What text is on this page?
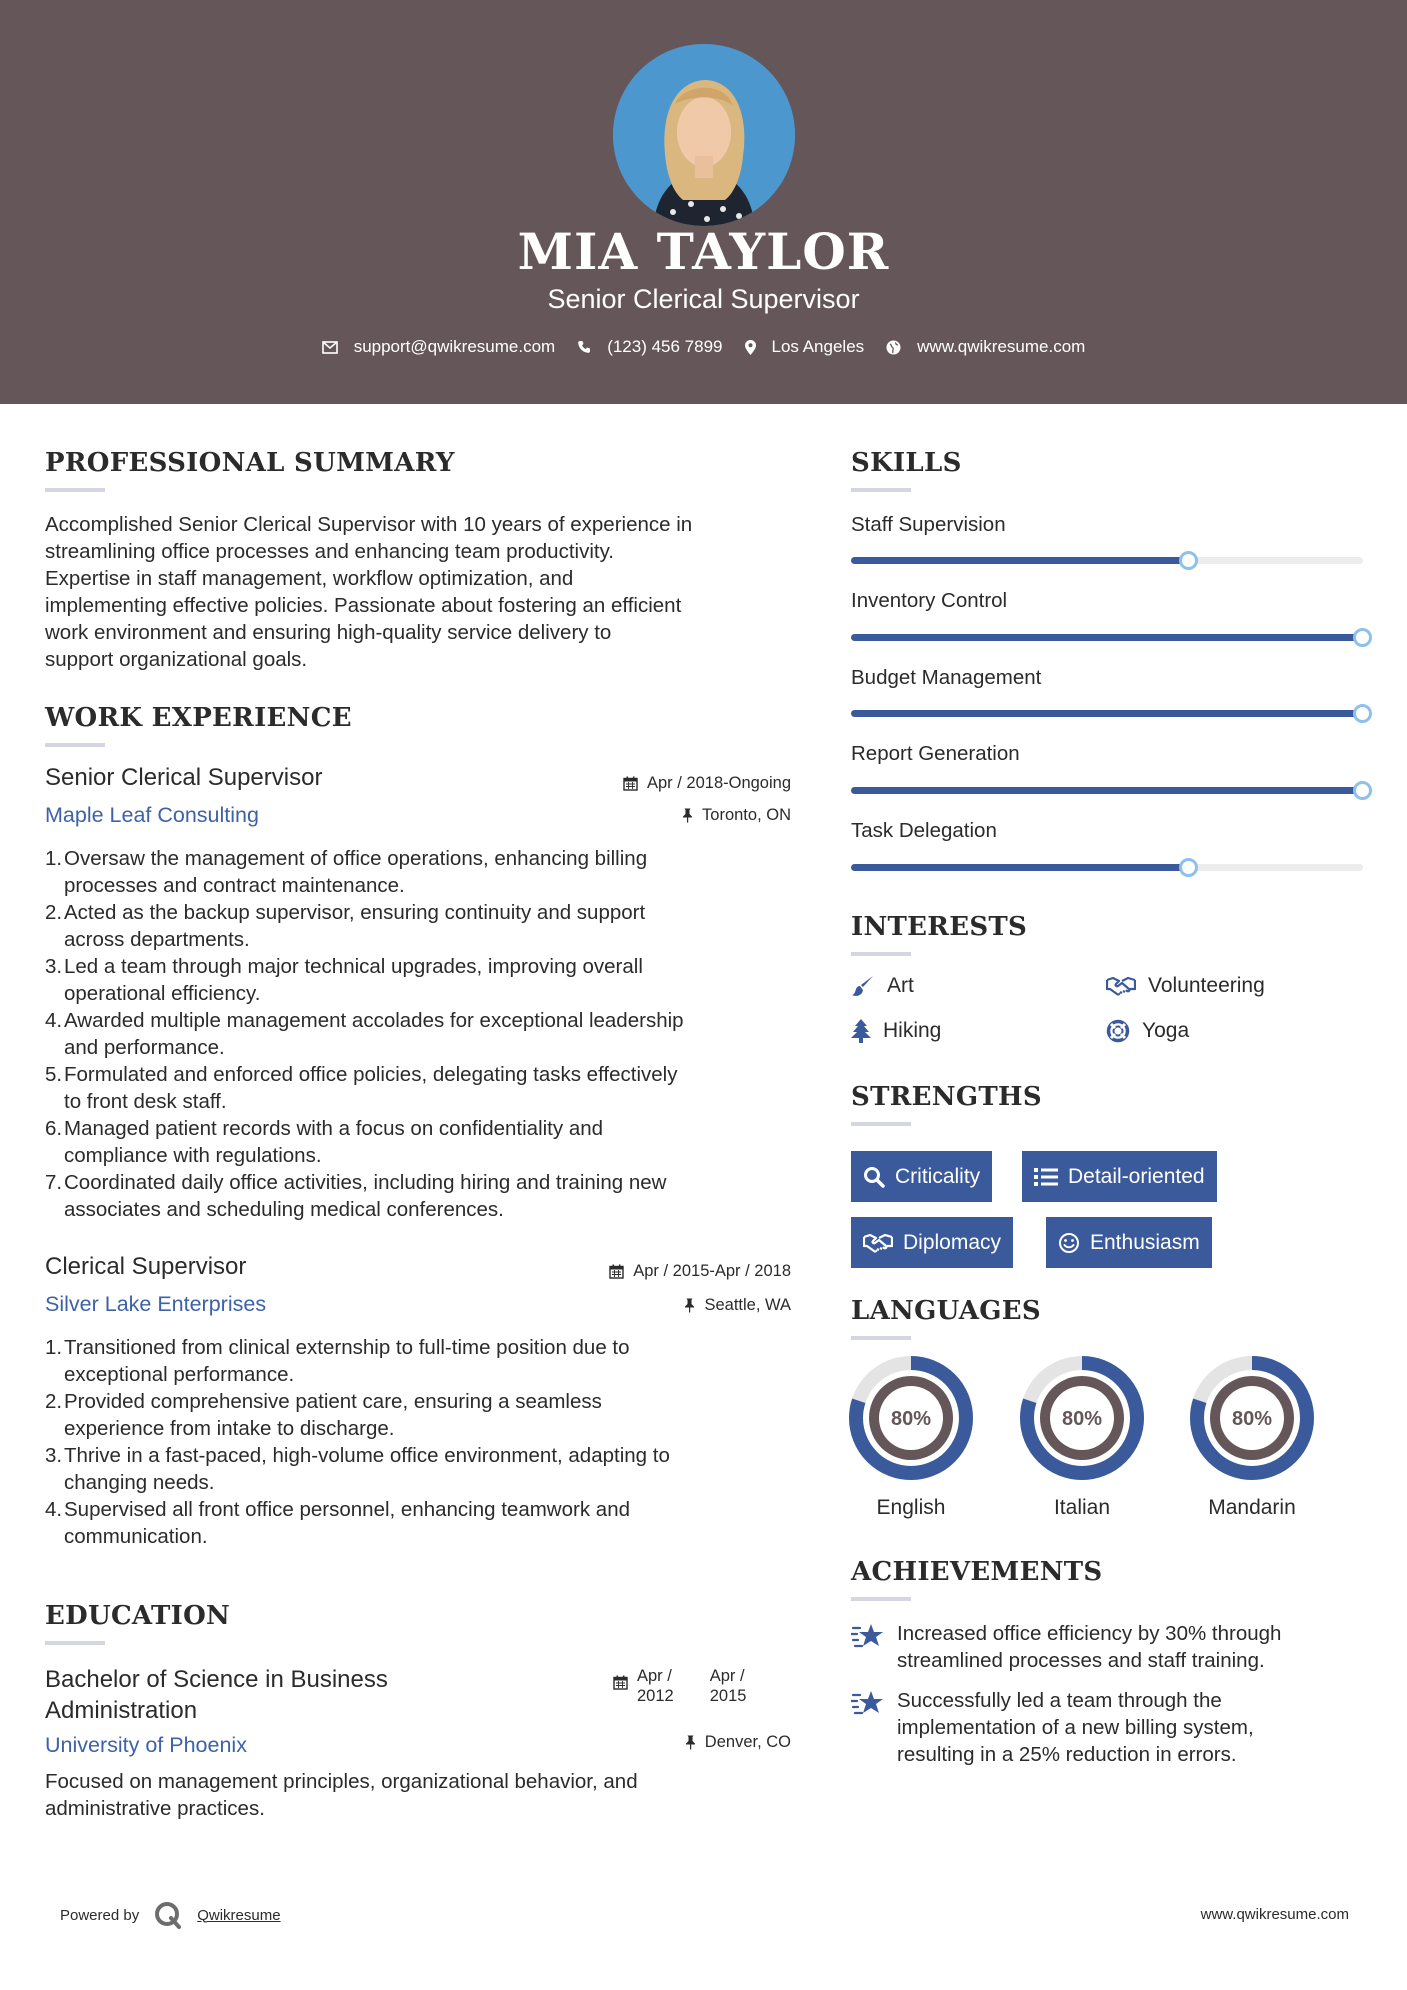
MIA TAYLOR
Senior Clerical Supervisor
support@qwikresume.com	(123) 456 7899	Los Angeles	www.qwikresume.com
PROFESSIONAL SUMMARY
Accomplished Senior Clerical Supervisor with 10 years of experience in
streamlining office processes and enhancing team productivity.
Expertise in staff management, workflow optimization, and
implementing effective policies. Passionate about fostering an efficient
work environment and ensuring high-quality service delivery to
support organizational goals.
WORK EXPERIENCE
Senior Clerical Supervisor
Maple Leaf Consulting
Apr / 2018-Ongoing
Toronto, ON
1. Oversaw the management of office operations, enhancing billing
processes and contract maintenance.
2. Acted as the backup supervisor, ensuring continuity and support
across departments.
3. Led a team through major technical upgrades, improving overall
operational efficiency.
4. Awarded multiple management accolades for exceptional leadership
and performance.
5. Formulated and enforced office policies, delegating tasks effectively
to front desk staff.
6. Managed patient records with a focus on confidentiality and
compliance with regulations.
7. Coordinated daily office activities, including hiring and training new
associates and scheduling medical conferences.
Clerical Supervisor
Silver Lake Enterprises
Apr / 2015-Apr / 2018
Seattle, WA
1. Transitioned from clinical externship to full-time position due to
exceptional performance.
2. Provided comprehensive patient care, ensuring a seamless
experience from intake to discharge.
3. Thrive in a fast-paced, high-volume office environment, adapting to
changing needs.
4. Supervised all front office personnel, enhancing teamwork and
communication.
EDUCATION
Bachelor of Science in Business
Administration
University of Phoenix
Apr /
2012
Apr /
2015
Denver, CO
Focused on management principles, organizational behavior, and
administrative practices.
SKILLS
Staff Supervision
Inventory Control
Budget Management
Report Generation
Task Delegation
INTERESTS
Art	Volunteering
Hiking	Yoga
STRENGTHS
Criticality	Detail-oriented
Diplomacy	Enthusiasm
LANGUAGES
80%
English
80%
Italian
80%
Mandarin
ACHIEVEMENTS
Increased office efficiency by 30% through
streamlined processes and staff training.
Successfully led a team through the
implementation of a new billing system,
resulting in a 25% reduction in errors.
Powered by	Qwikresume	www.qwikresume.com
